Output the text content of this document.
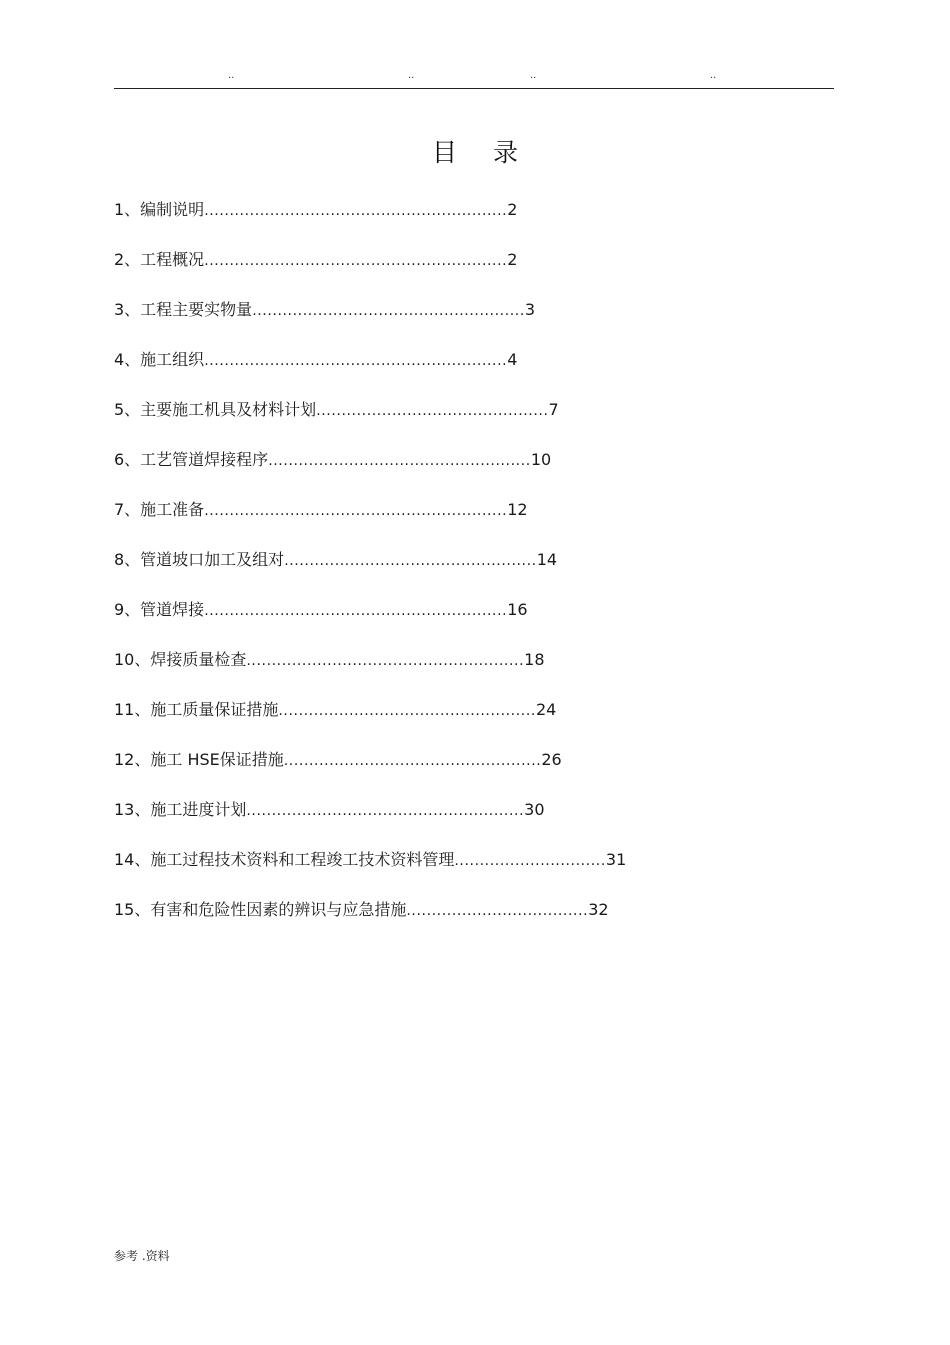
..	..	..	..
目 录
1、编制说明............................................................2
2、工程概况............................................................2
3、工程主要实物量......................................................3
4、施工组织............................................................4
5、主要施工机具及材料计划..............................................7
6、工艺管道焊接程序....................................................10
7、施工准备............................................................12
8、管道坡口加工及组对..................................................14
9、管道焊接............................................................16
10、焊接质量检查.......................................................18
11、施工质量保证措施...................................................24
12、施工 HSE保证措施...................................................26
13、施工进度计划.......................................................30
14、施工过程技术资料和工程竣工技术资料管理..............................31
15、有害和危险性因素的辨识与应急措施....................................32
参考 .资料
